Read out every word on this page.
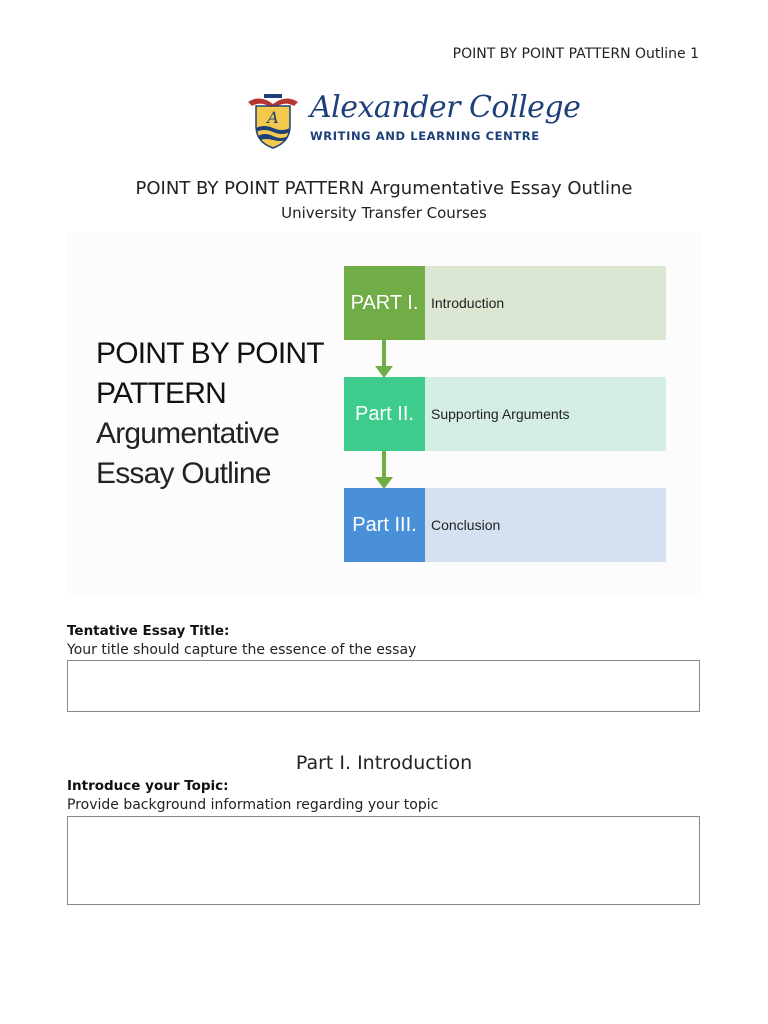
POINT BY POINT PATTERN Outline 1
A Alexander College
WRITING AND LEARNING CENTRE
POINT BY POINT PATTERN Argumentative Essay Outline
University Transfer Courses
POINT BY POINT
PATTERN
Argumentative
Essay Outline
PART I. Introduction
Part II.	Supporting Arguments
Part III.	Conclusion
Tentative Essay Title:
Your title should capture the essence of the essay
Part I. Introduction
Introduce your Topic:
Provide background information regarding your topic
